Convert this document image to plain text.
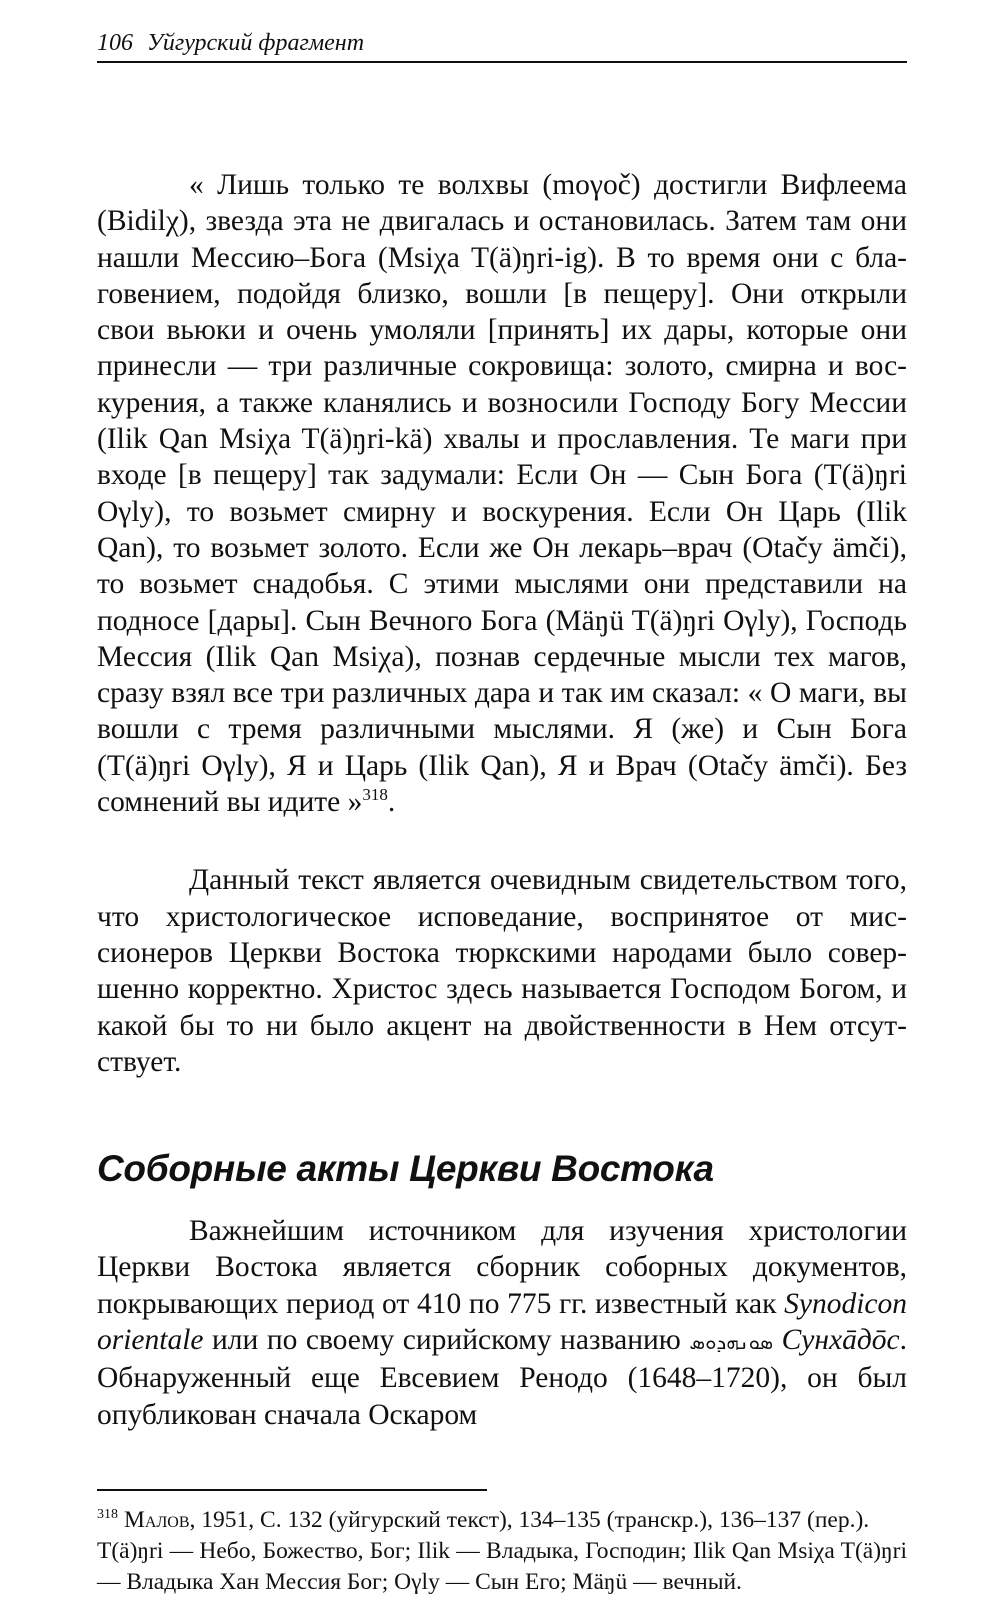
106 Уйгурский фрагмент

« Лишь только те волхвы (moγoč) достигли Вифлеема (Bidilχ), звезда эта не двигалась и остановилась. Затем там они нашли Мессию–Бога (Msiχa T(ä)ŋri-ig). В то время они с благовением, подойдя близко, вошли [в пещеру]. Они открыли свои вьюки и очень умоляли [принять] их дары, которые они принесли — три различные сокровища: золото, смирна и воскурения, а также кланялись и возносили Господу Богу Мессии (Ilik Qan Msiχa T(ä)ŋri-kä) хвалы и прославления. Те маги при входе [в пещеру] так задумали: Если Он — Сын Бога (T(ä)ŋri Oγly), то возьмет смирну и воскурения. Если Он Царь (Ilik Qan), то возьмет золото. Если же Он лекарь–врач (Otačy ämči), то возьмет снадобья. С этими мыслями они представили на подносе [дары]. Сын Вечного Бога (Mäŋü T(ä)ŋri Oγly), Господь Мессия (Ilik Qan Msiχa), познав сердечные мысли тех магов, сразу взял все три различных дара и так им сказал: « О маги, вы вошли с тремя различными мыслями. Я (же) и Сын Бога (T(ä)ŋri Oγly), Я и Царь (Ilik Qan), Я и Врач (Otačy ämči). Без сомнений вы идите »$^{318}$.

Данный текст является очевидным свидетельством того, что христологическое исповедание, воспринятое от миссионеров Церкви Востока тюркскими народами было совершенно корректно. Христос здесь называется Господом Богом, и какой бы то ни было акцент на двойственности в Нем отсутствует.

Соборные акты Церкви Востока

Важнейшим источником для изучения христологии Церкви Востока является сборник соборных документов, покрывающих период от 410 по 775 гг. известный как Synodicon orientale или по своему сирийскому названию ܣܘܢܗܕܘܣ Сунхāдōс. Обнаруженный еще Евсевием Ренодо (1648–1720), он был опубликован сначала Оскаром

$^{318}$ Малов, 1951, С. 132 (уйгурский текст), 134–135 (транскр.), 136–137 (пер.).

T(ä)ŋri — Небо, Божество, Бог; Ilik — Владыка, Господин; Ilik Qan Msiχa T(ä)ŋri — Владыка Хан Мессия Бог; Oγly — Сын Его; Mäŋü — вечный.
